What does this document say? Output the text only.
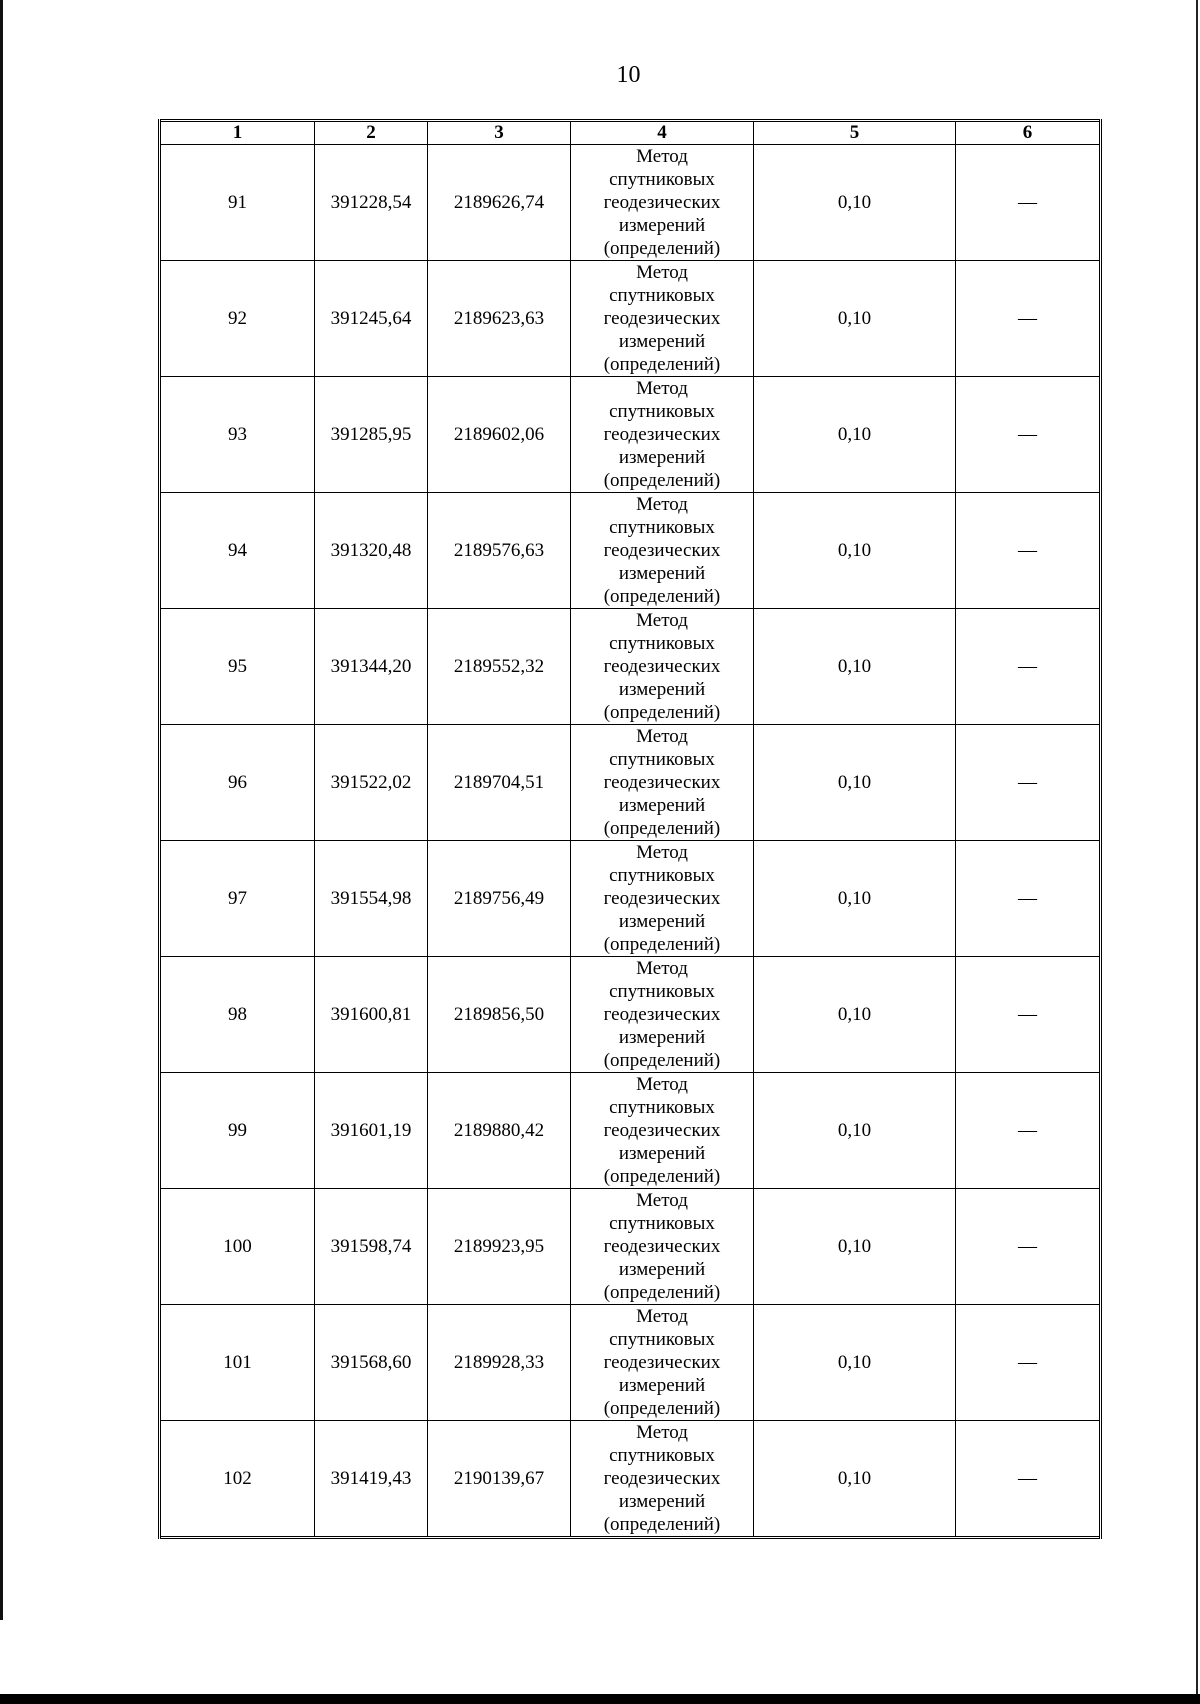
10
1	2	3	4	5	6
91	391228,54	2189626,74	Метод
спутниковых
геодезических
измерений
(определений)	0,10	—
92	391245,64	2189623,63	Метод
спутниковых
геодезических
измерений
(определений)	0,10	—
93	391285,95	2189602,06	Метод
спутниковых
геодезических
измерений
(определений)	0,10	—
94	391320,48	2189576,63	Метод
спутниковых
геодезических
измерений
(определений)	0,10	—
95	391344,20	2189552,32	Метод
спутниковых
геодезических
измерений
(определений)	0,10	—
96	391522,02	2189704,51	Метод
спутниковых
геодезических
измерений
(определений)	0,10	—
97	391554,98	2189756,49	Метод
спутниковых
геодезических
измерений
(определений)	0,10	—
98	391600,81	2189856,50	Метод
спутниковых
геодезических
измерений
(определений)	0,10	—
99	391601,19	2189880,42	Метод
спутниковых
геодезических
измерений
(определений)	0,10	—
100	391598,74	2189923,95	Метод
спутниковых
геодезических
измерений
(определений)	0,10	—
101	391568,60	2189928,33	Метод
спутниковых
геодезических
измерений
(определений)	0,10	—
102	391419,43	2190139,67	Метод
спутниковых
геодезических
измерений
(определений)	0,10	—
